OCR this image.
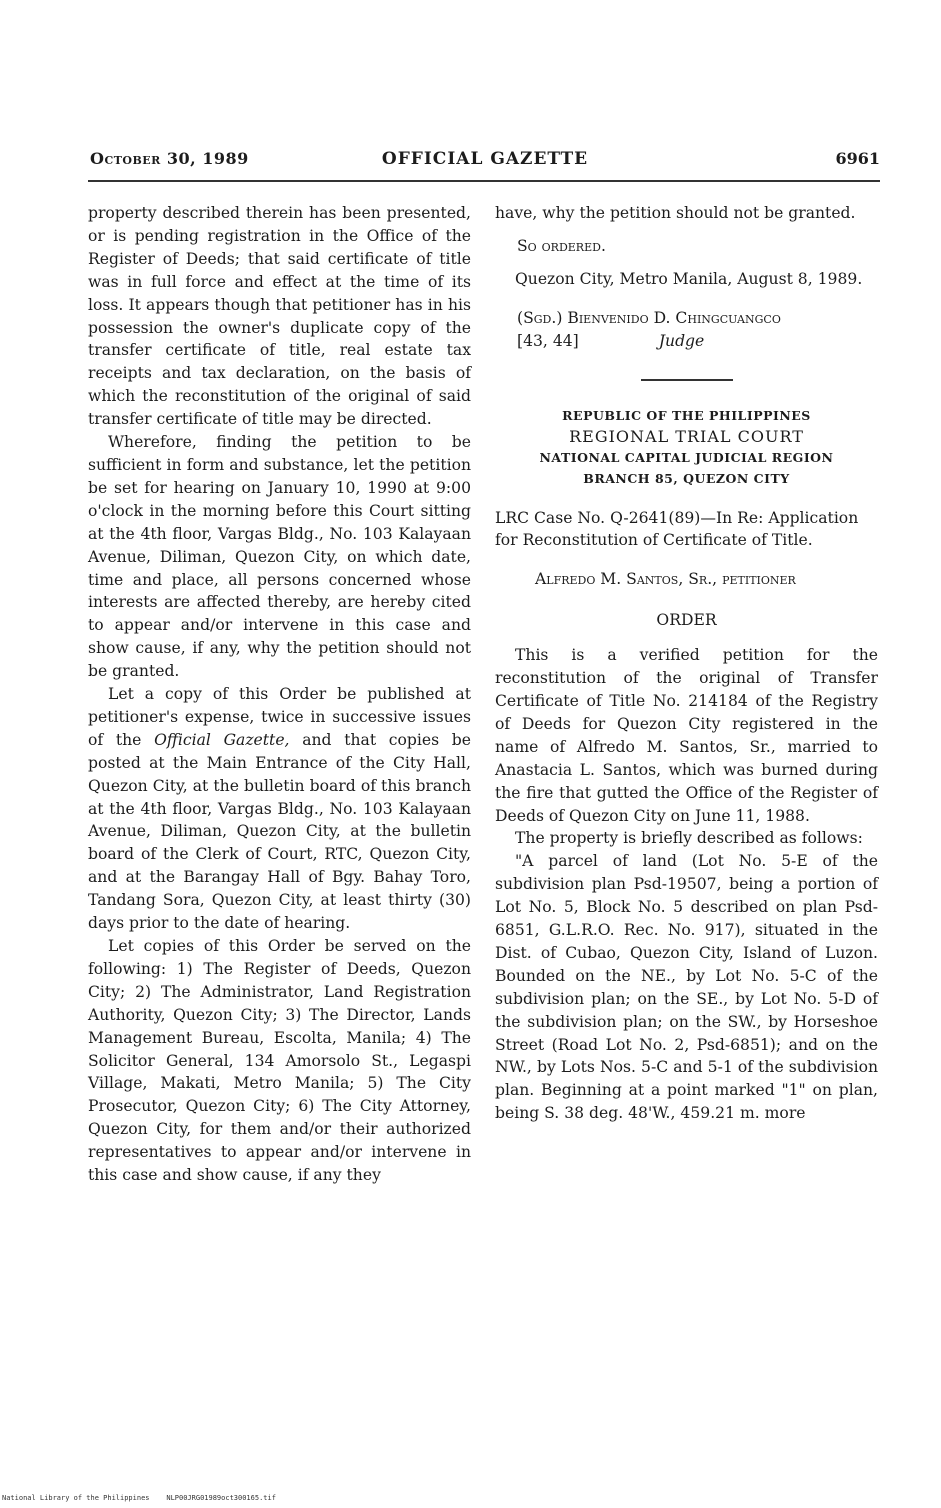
October 30, 1989	OFFICIAL GAZETTE	6961

property described therein has been presented, or is pending registration in the Office of the Register of Deeds; that said certificate of title was in full force and effect at the time of its loss. It appears though that petitioner has in his possession the owner's duplicate copy of the transfer certificate of title, real estate tax receipts and tax declaration, on the basis of which the reconstitution of the original of said transfer certificate of title may be directed.

Wherefore, finding the petition to be sufficient in form and substance, let the petition be set for hearing on January 10, 1990 at 9:00 o'clock in the morning before this Court sitting at the 4th floor, Vargas Bldg., No. 103 Kalayaan Avenue, Diliman, Quezon City, on which date, time and place, all persons concerned whose interests are affected thereby, are hereby cited to appear and/or intervene in this case and show cause, if any, why the petition should not be granted.

Let a copy of this Order be published at petitioner's expense, twice in successive issues of the Official Gazette, and that copies be posted at the Main Entrance of the City Hall, Quezon City, at the bulletin board of this branch at the 4th floor, Vargas Bldg., No. 103 Kalayaan Avenue, Diliman, Quezon City, at the bulletin board of the Clerk of Court, RTC, Quezon City, and at the Barangay Hall of Bgy. Bahay Toro, Tandang Sora, Quezon City, at least thirty (30) days prior to the date of hearing.

Let copies of this Order be served on the following: 1) The Register of Deeds, Quezon City; 2) The Administrator, Land Registration Authority, Quezon City; 3) The Director, Lands Management Bureau, Escolta, Manila; 4) The Solicitor General, 134 Amorsolo St., Legaspi Village, Makati, Metro Manila; 5) The City Prosecutor, Quezon City; 6) The City Attorney, Quezon City, for them and/or their authorized representatives to appear and/or intervene in this case and show cause, if any they

have, why the petition should not be granted.

So ordered.

Quezon City, Metro Manila, August 8, 1989.

(Sgd.) Bienvenido D. Chingcuangco
[43, 44]	Judge

REPUBLIC OF THE PHILIPPINES

REGIONAL TRIAL COURT

NATIONAL CAPITAL JUDICIAL REGION

BRANCH 85, QUEZON CITY

LRC Case No. Q-2641(89)—In Re: Application for Reconstitution of Certificate of Title.

Alfredo M. Santos, Sr., petitioner

ORDER

This is a verified petition for the reconstitution of the original of Transfer Certificate of Title No. 214184 of the Registry of Deeds for Quezon City registered in the name of Alfredo M. Santos, Sr., married to Anastacia L. Santos, which was burned during the fire that gutted the Office of the Register of Deeds of Quezon City on June 11, 1988.

The property is briefly described as follows:

"A parcel of land (Lot No. 5-E of the subdivision plan Psd-19507, being a portion of Lot No. 5, Block No. 5 described on plan Psd-6851, G.L.R.O. Rec. No. 917), situated in the Dist. of Cubao, Quezon City, Island of Luzon. Bounded on the NE., by Lot No. 5-C of the subdivision plan; on the SE., by Lot No. 5-D of the subdivision plan; on the SW., by Horseshoe Street (Road Lot No. 2, Psd-6851); and on the NW., by Lots Nos. 5-C and 5-1 of the subdivision plan. Beginning at a point marked "1" on plan, being S. 38 deg. 48'W., 459.21 m. more

National Library of the Philippines    NLP00JRG01989oct300165.tif
